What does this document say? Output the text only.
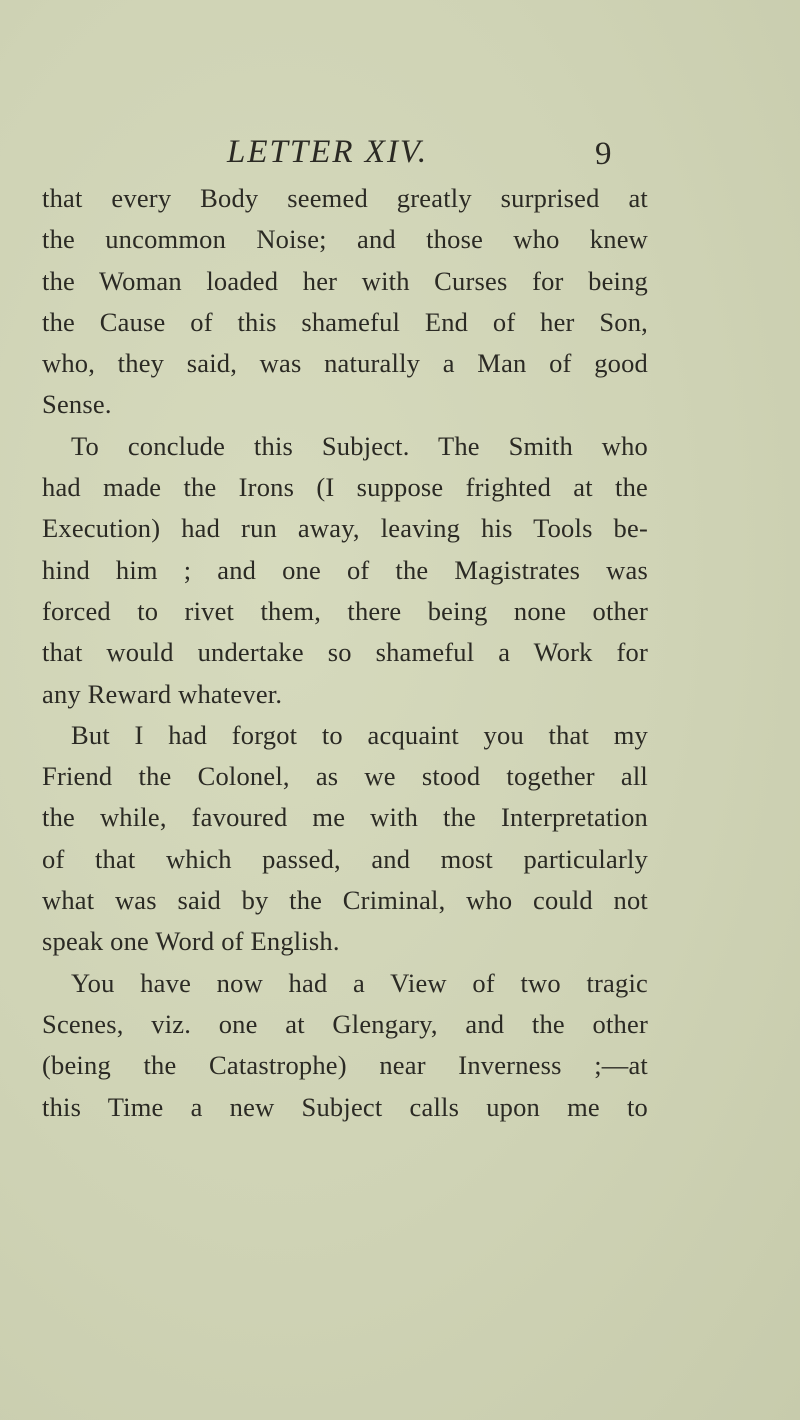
LETTER XIV.	9
that every Body seemed greatly surprised at
the uncommon Noise; and those who knew
the Woman loaded her with Curses for being
the Cause of this shameful End of her Son,
who, they said, was naturally a Man of good
Sense.
To conclude this Subject. The Smith who
had made the Irons (I suppose frighted at the
Execution) had run away, leaving his Tools be-
hind him ; and one of the Magistrates was
forced to rivet them, there being none other
that would undertake so shameful a Work for
any Reward whatever.
But I had forgot to acquaint you that my
Friend the Colonel, as we stood together all
the while, favoured me with the Interpretation
of that which passed, and most particularly
what was said by the Criminal, who could not
speak one Word of English.
You have now had a View of two tragic
Scenes, viz. one at Glengary, and the other
(being the Catastrophe) near Inverness ;—at
this Time a new Subject calls upon me to
